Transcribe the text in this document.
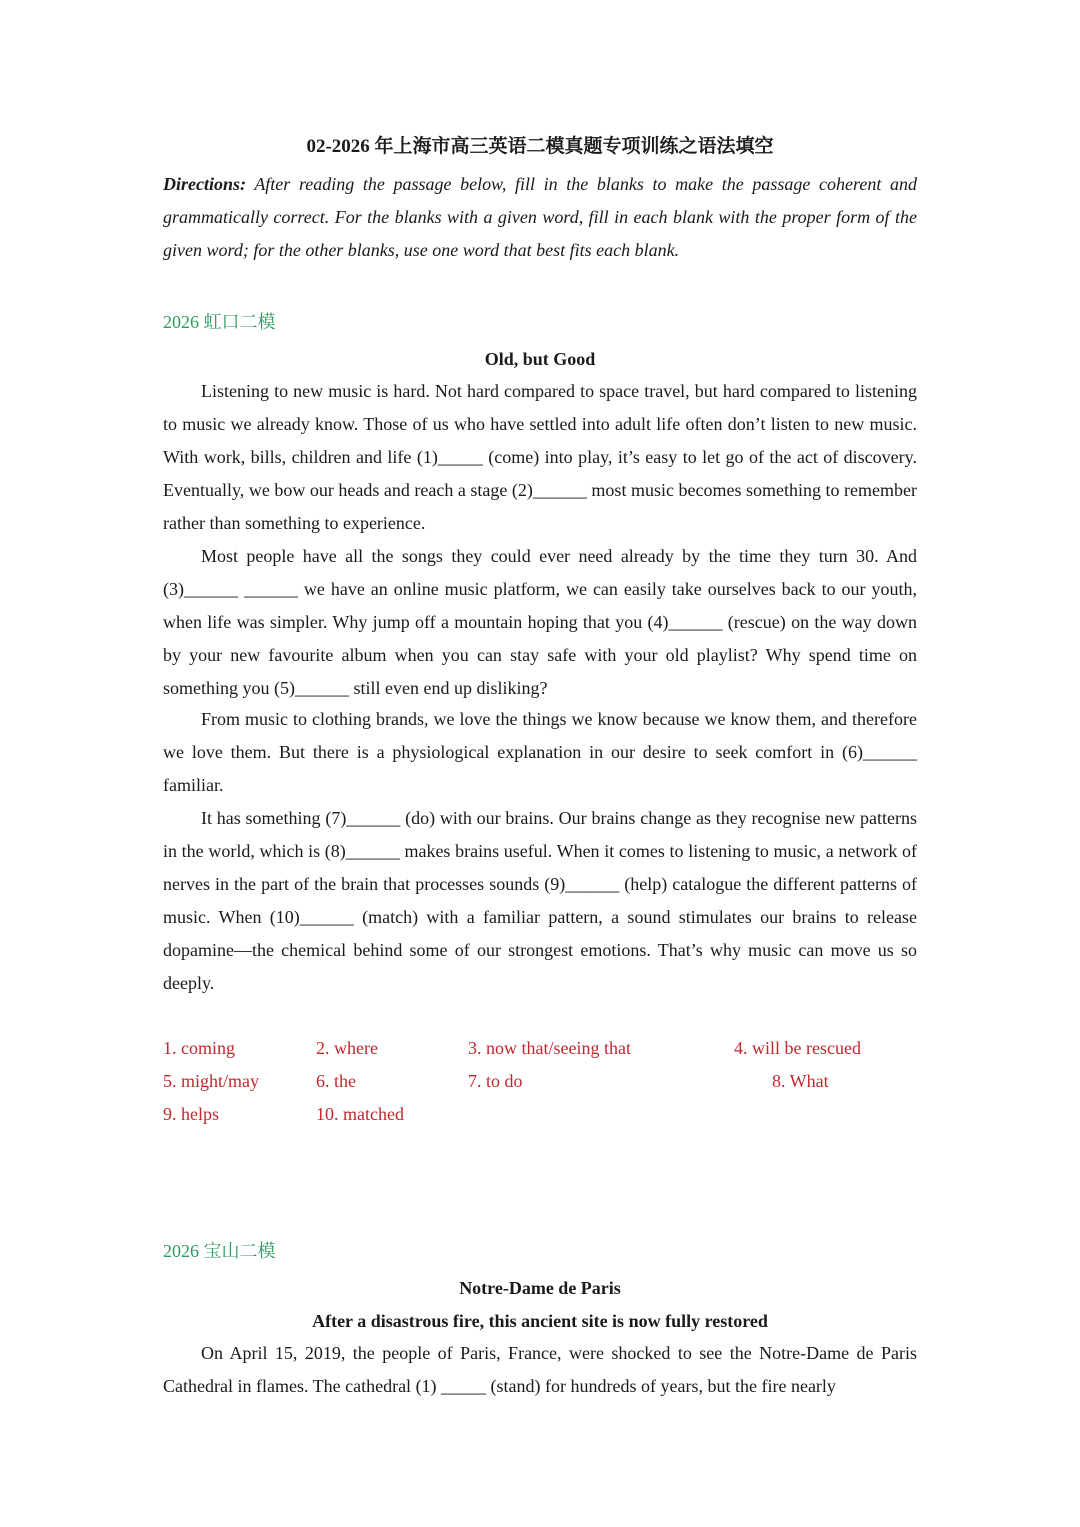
02-2026 年上海市高三英语二模真题专项训练之语法填空
Directions: After reading the passage below, fill in the blanks to make the passage coherent and grammatically correct. For the blanks with a given word, fill in each blank with the proper form of the given word; for the other blanks, use one word that best fits each blank.
2026 虹口二模
Old, but Good

Listening to new music is hard. Not hard compared to space travel, but hard compared to listening to music we already know. Those of us who have settled into adult life often don’t listen to new music. With work, bills, children and life (1)_____ (come) into play, it’s easy to let go of the act of discovery. Eventually, we bow our heads and reach a stage (2)______ most music becomes something to remember rather than something to experience.

Most people have all the songs they could ever need already by the time they turn 30. And (3)______ ______ we have an online music platform, we can easily take ourselves back to our youth, when life was simpler. Why jump off a mountain hoping that you (4)______ (rescue) on the way down by your new favourite album when you can stay safe with your old playlist? Why spend time on something you (5)______ still even end up disliking?

From music to clothing brands, we love the things we know because we know them, and therefore we love them. But there is a physiological explanation in our desire to seek comfort in (6)______ familiar.

It has something (7)______ (do) with our brains. Our brains change as they recognise new patterns in the world, which is (8)______ makes brains useful. When it comes to listening to music, a network of nerves in the part of the brain that processes sounds (9)______ (help) catalogue the different patterns of music. When (10)______ (match) with a familiar pattern, a sound stimulates our brains to release dopamine—the chemical behind some of our strongest emotions. That’s why music can move us so deeply.

1. coming	2. where	3. now that/seeing that	4. will be rescued
5. might/may	6. the	7. to do	8. What
9. helps	10. matched
2026 宝山二模
Notre-Dame de Paris
After a disastrous fire, this ancient site is now fully restored

On April 15, 2019, the people of Paris, France, were shocked to see the Notre-Dame de Paris Cathedral in flames. The cathedral (1) _____ (stand) for hundreds of years, but the fire nearly
